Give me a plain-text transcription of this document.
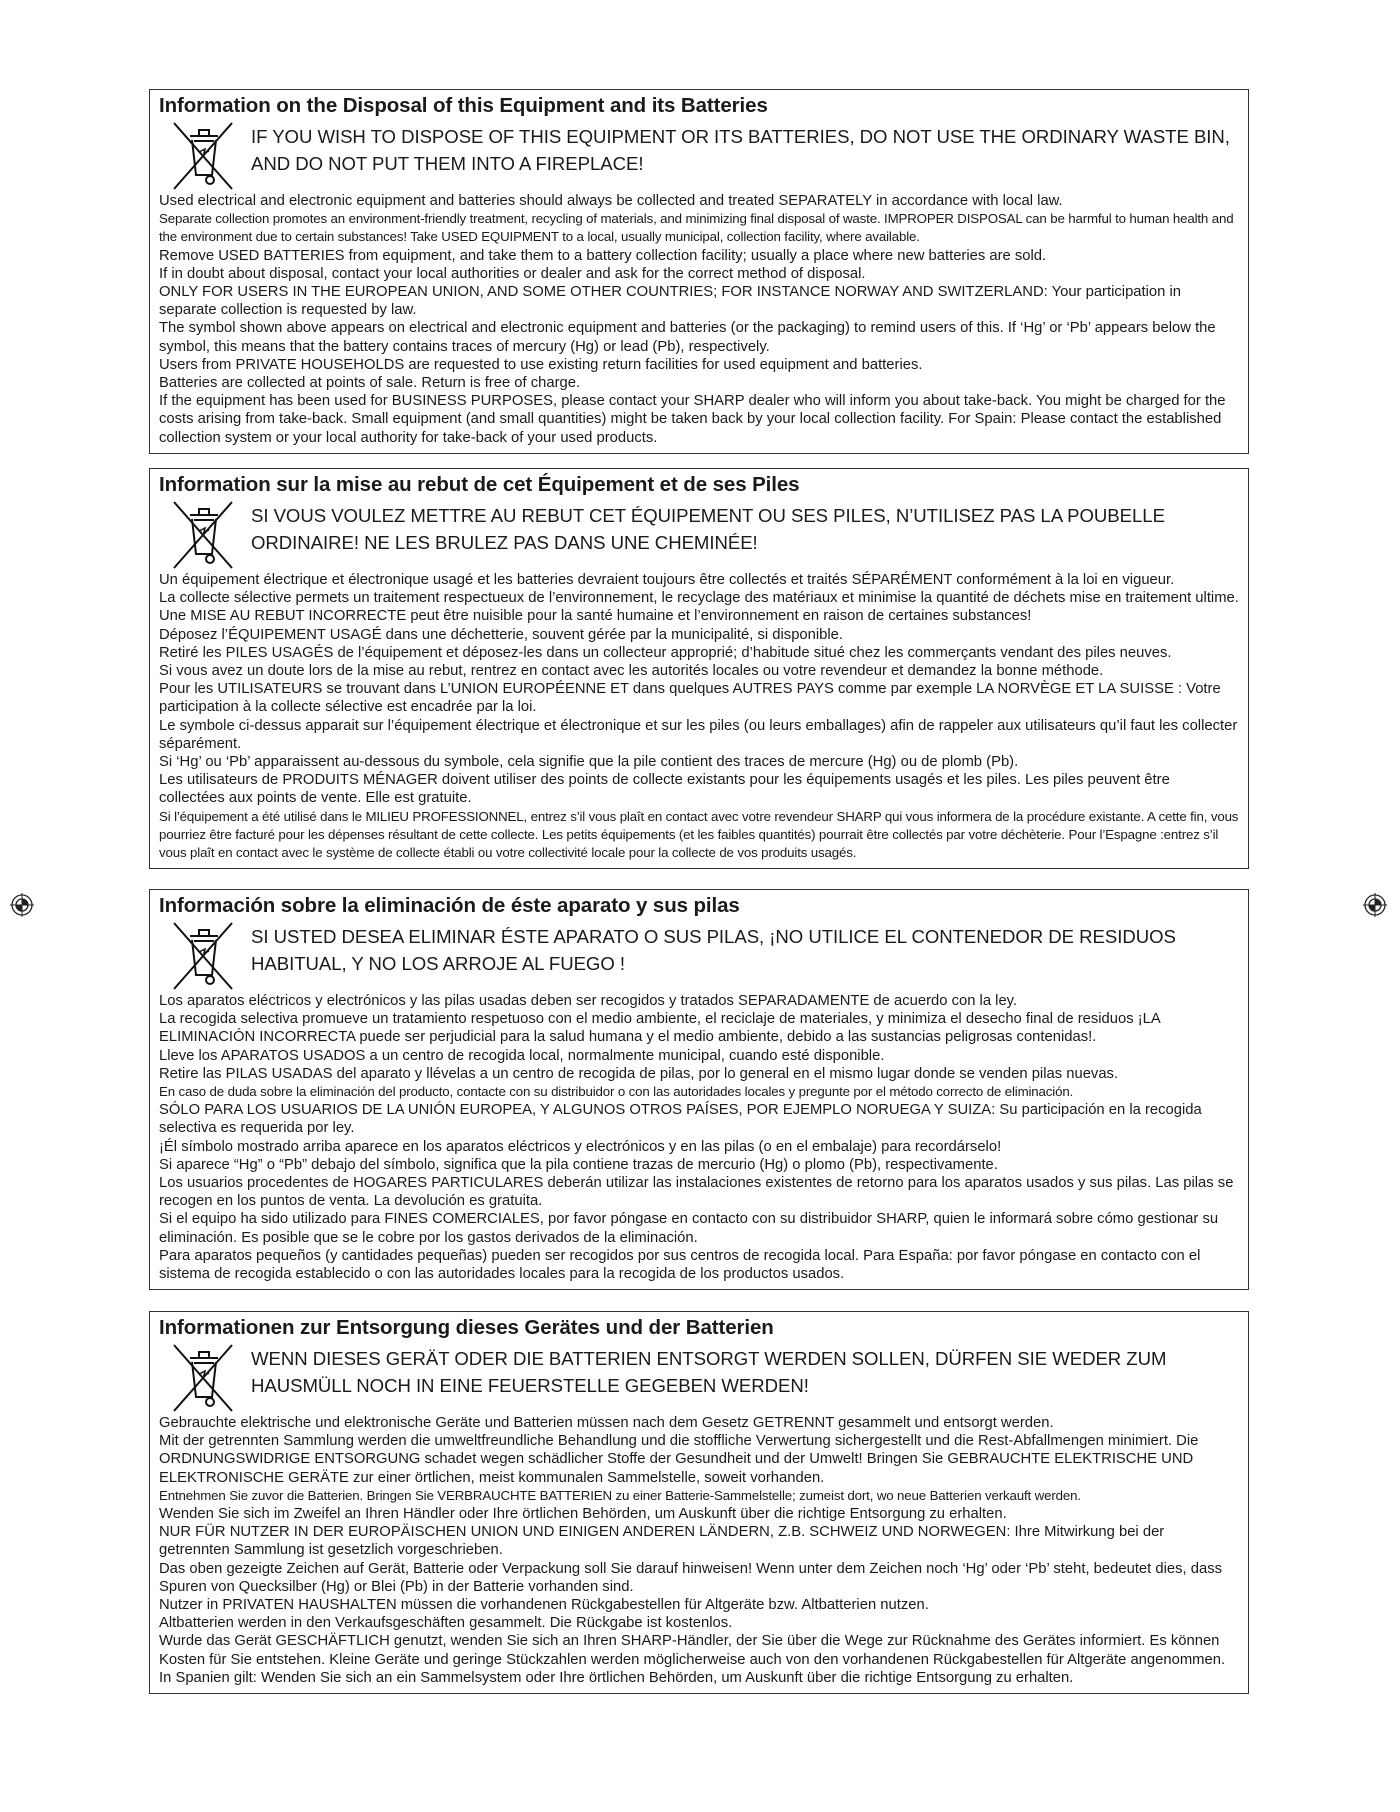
Information on the Disposal of this Equipment and its Batteries
IF YOU WISH TO DISPOSE OF THIS EQUIPMENT OR ITS BATTERIES, DO NOT USE THE ORDINARY WASTE BIN, AND DO NOT PUT THEM INTO A FIREPLACE!

Used electrical and electronic equipment and batteries should always be collected and treated SEPARATELY in accordance with local law.

Separate collection promotes an environment-friendly treatment, recycling of materials, and minimizing final disposal of waste. IMPROPER DISPOSAL can be harmful to human health and the environment due to certain substances! Take USED EQUIPMENT to a local, usually municipal, collection facility, where available.

Remove USED BATTERIES from equipment, and take them to a battery collection facility; usually a place where new batteries are sold.

If in doubt about disposal, contact your local authorities or dealer and ask for the correct method of disposal.

ONLY FOR USERS IN THE EUROPEAN UNION, AND SOME OTHER COUNTRIES; FOR INSTANCE NORWAY AND SWITZERLAND: Your participation in separate collection is requested by law.

The symbol shown above appears on electrical and electronic equipment and batteries (or the packaging) to remind users of this. If ‘Hg’ or ‘Pb’ appears below the symbol, this means that the battery contains traces of mercury (Hg) or lead (Pb), respectively.

Users from PRIVATE HOUSEHOLDS are requested to use existing return facilities for used equipment and batteries.

Batteries are collected at points of sale. Return is free of charge.

If the equipment has been used for BUSINESS PURPOSES, please contact your SHARP dealer who will inform you about take-back. You might be charged for the costs arising from take-back. Small equipment (and small quantities) might be taken back by your local collection facility. For Spain: Please contact the established collection system or your local authority for take-back of your used products.

Information sur la mise au rebut de cet Équipement et de ses Piles
SI VOUS VOULEZ METTRE AU REBUT CET ÉQUIPEMENT OU SES PILES, N’UTILISEZ PAS LA POUBELLE ORDINAIRE! NE LES BRULEZ PAS DANS UNE CHEMINÉE!

Un équipement électrique et électronique usagé et les batteries devraient toujours être collectés et traités SÉPARÉMENT conformément à la loi en vigueur.

La collecte sélective permets un traitement respectueux de l’environnement, le recyclage des matériaux et minimise la quantité de déchets mise en traitement ultime. Une MISE AU REBUT INCORRECTE peut être nuisible pour la santé humaine et l’environnement en raison de certaines substances!

Déposez l’ÉQUIPEMENT USAGÉ dans une déchetterie, souvent gérée par la municipalité, si disponible.

Retiré les PILES USAGÉS de l’équipement et déposez-les dans un collecteur approprié; d’habitude situé chez les commerçants vendant des piles neuves.

Si vous avez un doute lors de la mise au rebut, rentrez en contact avec les autorités locales ou votre revendeur et demandez la bonne méthode.

Pour les UTILISATEURS se trouvant dans L’UNION EUROPÉENNE ET dans quelques AUTRES PAYS comme par exemple LA NORVÈGE ET LA SUISSE : Votre participation à la collecte sélective est encadrée par la loi.

Le symbole ci-dessus apparait sur l’équipement électrique et électronique et sur les piles (ou leurs emballages) afin de rappeler aux utilisateurs qu’il faut les collecter séparément.

Si ‘Hg’ ou ‘Pb’ apparaissent au-dessous du symbole, cela signifie que la pile contient des traces de mercure (Hg) ou de plomb (Pb).

Les utilisateurs de PRODUITS MÉNAGER doivent utiliser des points de collecte existants pour les équipements usagés et les piles. Les piles peuvent être collectées aux points de vente. Elle est gratuite.

Si l’équipement a été utilisé dans le MILIEU PROFESSIONNEL, entrez s’il vous plaît en contact avec votre revendeur SHARP qui vous informera de la procédure existante. A cette fin, vous pourriez être facturé pour les dépenses résultant de cette collecte. Les petits équipements (et les faibles quantités) pourrait être collectés par votre déchèterie. Pour l’Espagne :entrez s’il vous plaît en contact avec le système de collecte établi ou votre collectivité locale pour la collecte de vos produits usagés.

Información sobre la eliminación de éste aparato y sus pilas
SI USTED DESEA ELIMINAR ÉSTE APARATO O SUS PILAS, ¡NO UTILICE EL CONTENEDOR DE RESIDUOS HABITUAL, Y NO LOS ARROJE AL FUEGO !

Los aparatos eléctricos y electrónicos y las pilas usadas deben ser recogidos y tratados SEPARADAMENTE de acuerdo con la ley.

La recogida selectiva promueve un tratamiento respetuoso con el medio ambiente, el reciclaje de materiales, y minimiza el desecho final de residuos ¡LA ELIMINACIÓN INCORRECTA puede ser perjudicial para la salud humana y el medio ambiente, debido a las sustancias peligrosas contenidas!.

Lleve los APARATOS USADOS a un centro de recogida local, normalmente municipal, cuando esté disponible.

Retire las PILAS USADAS del aparato y llévelas a un centro de recogida de pilas, por lo general en el mismo lugar donde se venden pilas nuevas.

En caso de duda sobre la eliminación del producto, contacte con su distribuidor o con las autoridades locales y pregunte por el método correcto de eliminación.

SÓLO PARA LOS USUARIOS DE LA UNIÓN EUROPEA, Y ALGUNOS OTROS PAÍSES, POR EJEMPLO NORUEGA Y SUIZA: Su participación en la recogida selectiva es requerida por ley.

¡Él símbolo mostrado arriba aparece en los aparatos eléctricos y electrónicos y en las pilas (o en el embalaje) para recordárselo!

Si aparece “Hg” o “Pb” debajo del símbolo, significa que la pila contiene trazas de mercurio (Hg) o plomo (Pb), respectivamente.

Los usuarios procedentes de HOGARES PARTICULARES deberán utilizar las instalaciones existentes de retorno para los aparatos usados y sus pilas. Las pilas se recogen en los puntos de venta. La devolución es gratuita.

Si el equipo ha sido utilizado para FINES COMERCIALES, por favor póngase en contacto con su distribuidor SHARP, quien le informará sobre cómo gestionar su eliminación. Es posible que se le cobre por los gastos derivados de la eliminación.

Para aparatos pequeños (y cantidades pequeñas) pueden ser recogidos por sus centros de recogida local. Para España: por favor póngase en contacto con el sistema de recogida establecido o con las autoridades locales para la recogida de los productos usados.

Informationen zur Entsorgung dieses Gerätes und der Batterien
WENN DIESES GERÄT ODER DIE BATTERIEN ENTSORGT WERDEN SOLLEN, DÜRFEN SIE WEDER ZUM HAUSMÜLL NOCH IN EINE FEUERSTELLE GEGEBEN WERDEN!

Gebrauchte elektrische und elektronische Geräte und Batterien müssen nach dem Gesetz GETRENNT gesammelt und entsorgt werden.

Mit der getrennten Sammlung werden die umweltfreundliche Behandlung und die stoffliche Verwertung sichergestellt und die Rest-Abfallmengen minimiert. Die ORDNUNGSWIDRIGE ENTSORGUNG schadet wegen schädlicher Stoffe der Gesundheit und der Umwelt! Bringen Sie GEBRAUCHTE ELEKTRISCHE UND ELEKTRONISCHE GERÄTE zur einer örtlichen, meist kommunalen Sammelstelle, soweit vorhanden.

Entnehmen Sie zuvor die Batterien. Bringen Sie VERBRAUCHTE BATTERIEN zu einer Batterie-Sammelstelle; zumeist dort, wo neue Batterien verkauft werden.

Wenden Sie sich im Zweifel an Ihren Händler oder Ihre örtlichen Behörden, um Auskunft über die richtige Entsorgung zu erhalten.

NUR FÜR NUTZER IN DER EUROPÄISCHEN UNION UND EINIGEN ANDEREN LÄNDERN, Z.B. SCHWEIZ UND NORWEGEN: Ihre Mitwirkung bei der getrennten Sammlung ist gesetzlich vorgeschrieben.

Das oben gezeigte Zeichen auf Gerät, Batterie oder Verpackung soll Sie darauf hinweisen! Wenn unter dem Zeichen noch ‘Hg’ oder ‘Pb’ steht, bedeutet dies, dass Spuren von Quecksilber (Hg) or Blei (Pb) in der Batterie vorhanden sind.

Nutzer in PRIVATEN HAUSHALTEN müssen die vorhandenen Rückgabestellen für Altgeräte bzw. Altbatterien nutzen.

Altbatterien werden in den Verkaufsgeschäften gesammelt. Die Rückgabe ist kostenlos.

Wurde das Gerät GESCHÄFTLICH genutzt, wenden Sie sich an Ihren SHARP-Händler, der Sie über die Wege zur Rücknahme des Gerätes informiert. Es können Kosten für Sie entstehen. Kleine Geräte und geringe Stückzahlen werden möglicherweise auch von den vorhandenen Rückgabestellen für Altgeräte angenommen. In Spanien gilt: Wenden Sie sich an ein Sammelsystem oder Ihre örtlichen Behörden, um Auskunft über die richtige Entsorgung zu erhalten.
